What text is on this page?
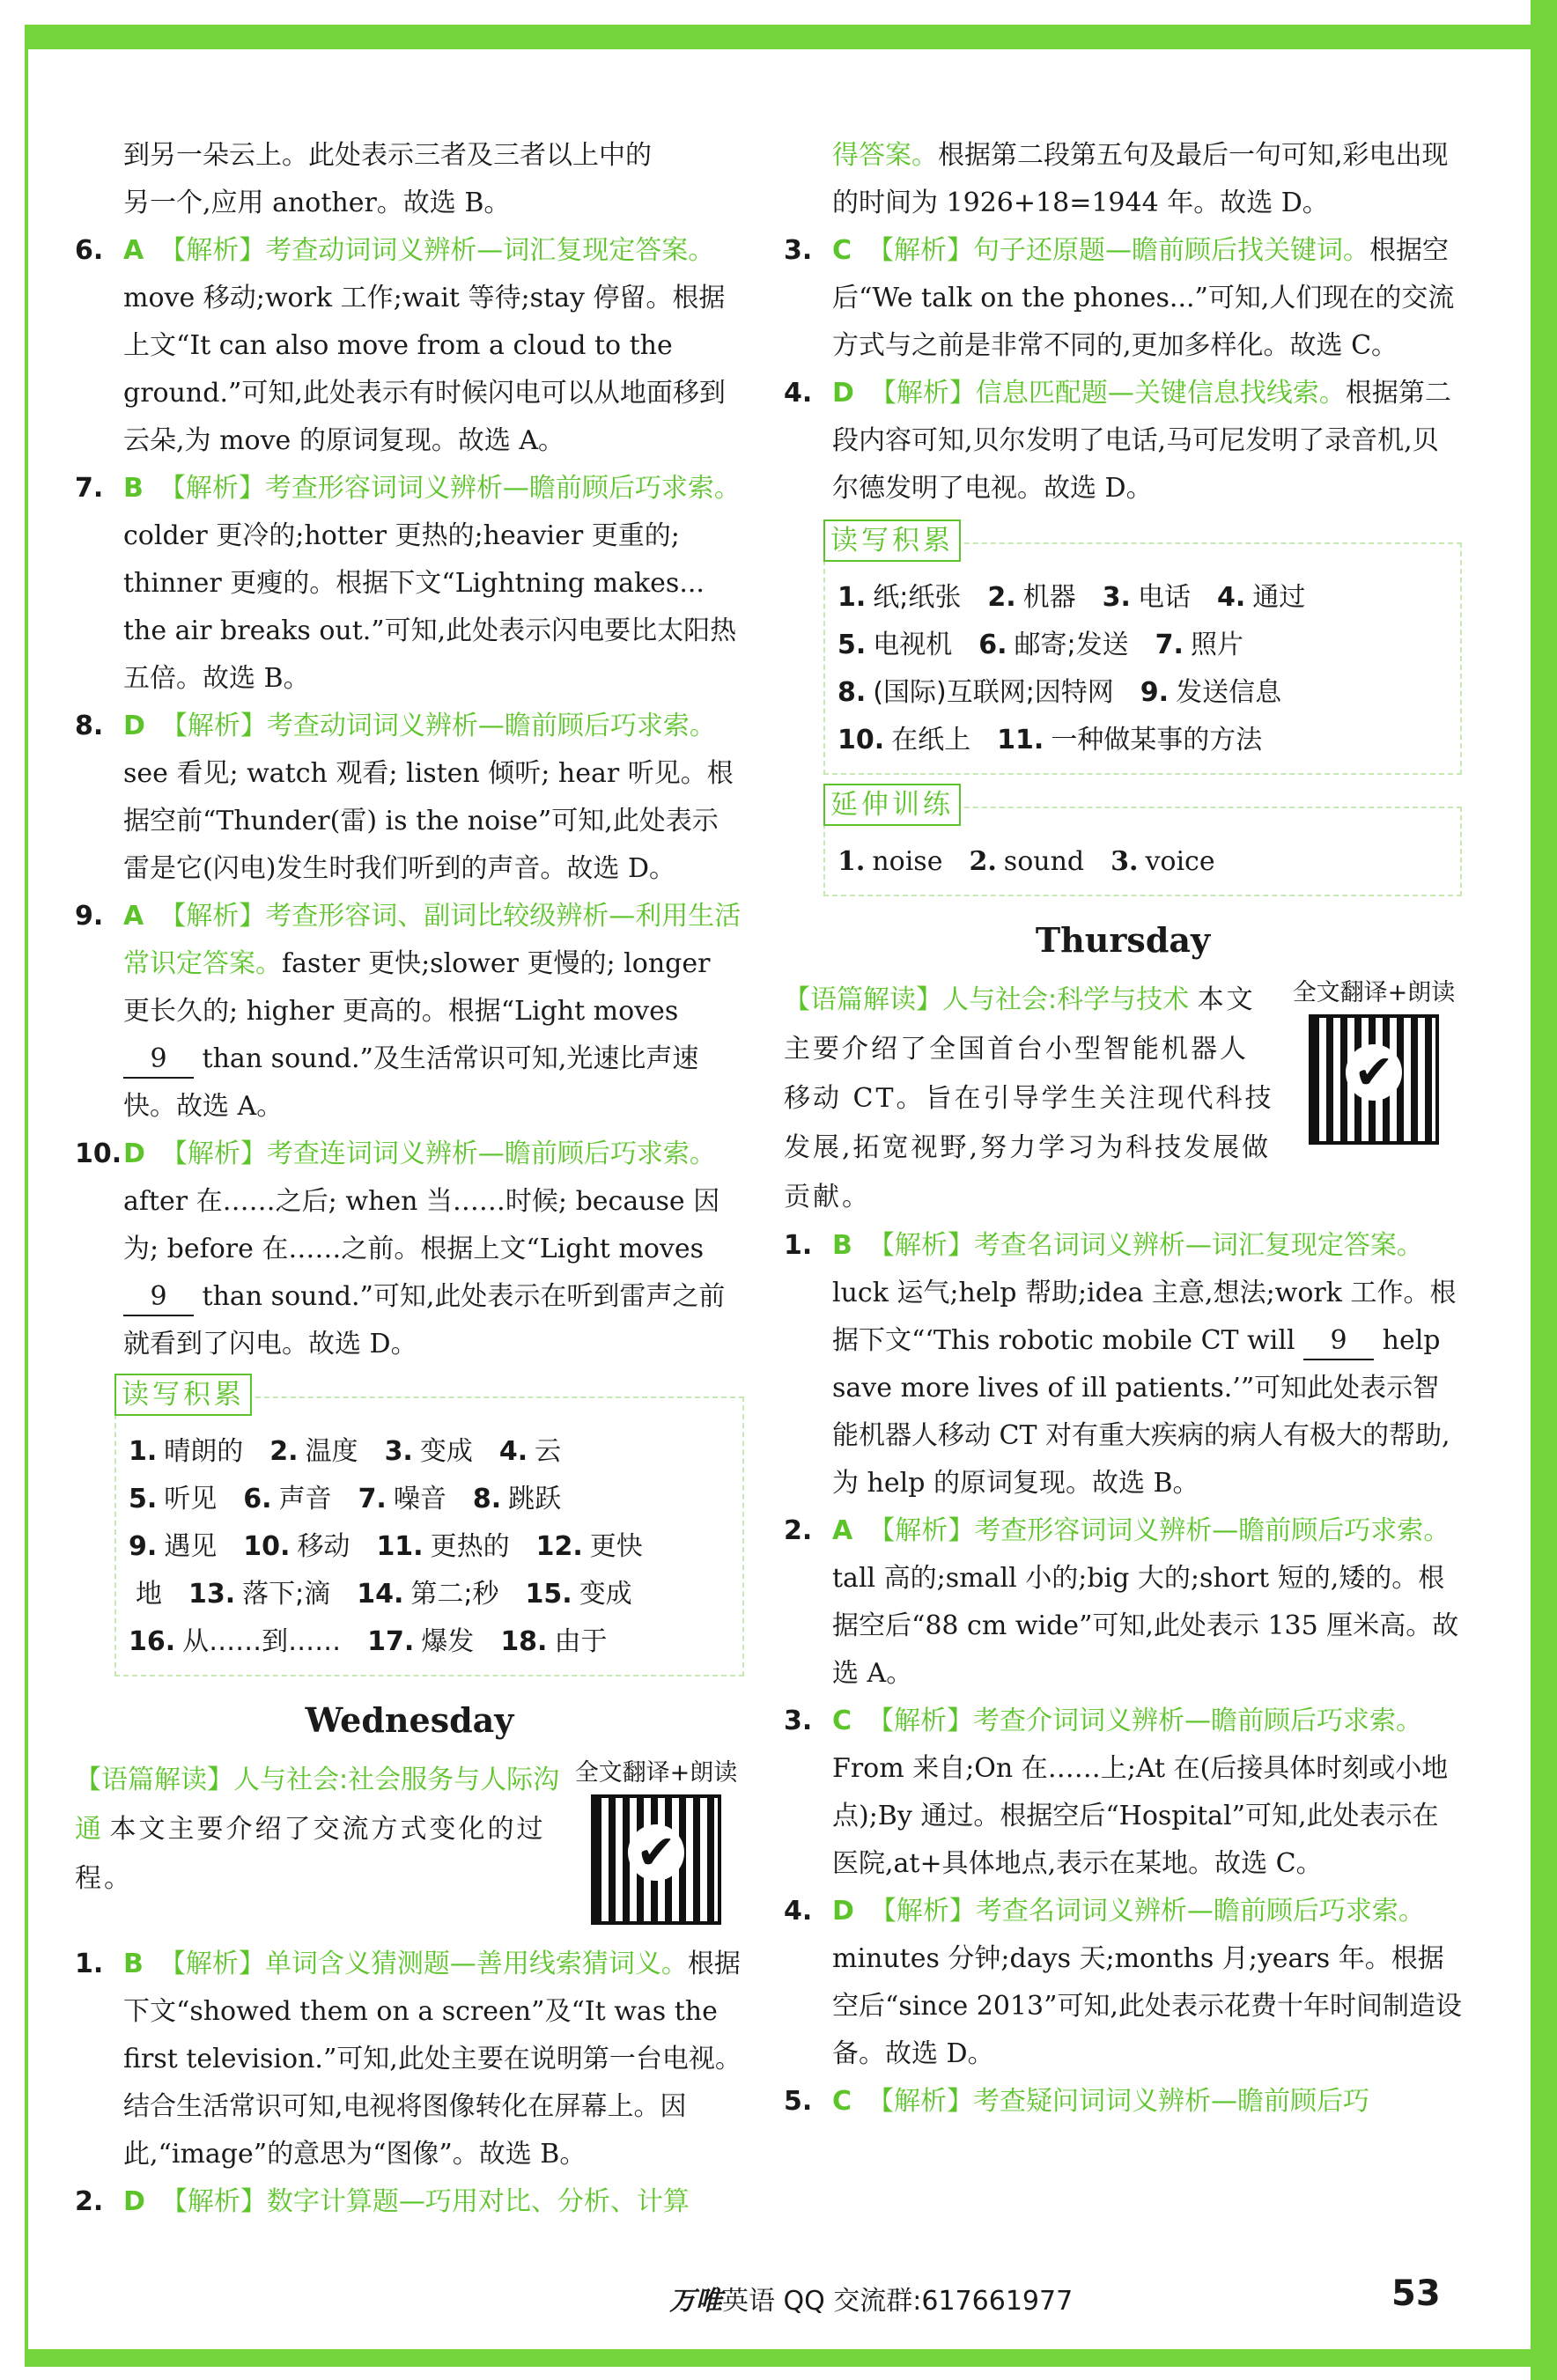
到另一朵云上。此处表示三者及三者以上中的
另一个,应用 another。故选 B。

6. A 【解析】考查动词词义辨析—词汇复现定答案。move 移动;work 工作;wait 等待;stay 停留。根据上文“It can also move from a cloud to the ground.”可知,此处表示有时候闪电可以从地面移到云朵,为 move 的原词复现。故选 A。

7. B 【解析】考查形容词词义辨析—瞻前顾后巧求索。colder 更冷的;hotter 更热的;heavier 更重的; thinner 更瘦的。根据下文“Lightning makes... the air breaks out.”可知,此处表示闪电要比太阳热五倍。故选 B。

8. D 【解析】考查动词词义辨析—瞻前顾后巧求索。see 看见; watch 观看; listen 倾听; hear 听见。根据空前“Thunder(雷) is the noise”可知,此处表示雷是它(闪电)发生时我们听到的声音。故选 D。

9. A 【解析】考查形容词、副词比较级辨析—利用生活常识定答案。faster 更快;slower 更慢的; longer 更长久的; higher 更高的。根据“Light moves 9 than sound.”及生活常识可知,光速比声速快。故选 A。

10. D 【解析】考查连词词义辨析—瞻前顾后巧求索。after 在……之后; when 当……时候; because 因为; before 在……之前。根据上文“Light moves 9 than sound.”可知,此处表示在听到雷声之前就看到了闪电。故选 D。

读写积累

1. 晴朗的 2. 温度 3. 变成 4. 云

5. 听见 6. 声音 7. 噪音 8. 跳跃

9. 遇见 10. 移动 11. 更热的 12. 更快

地 13. 落下;滴 14. 第二;秒 15. 变成

16. 从……到…… 17. 爆发 18. 由于

Wednesday
【语篇解读】人与社会:社会服务与人际沟通 本文主要介绍了交流方式变化的过程。
全文翻译+朗读
✔

1. B 【解析】单词含义猜测题—善用线索猜词义。根据下文“showed them on a screen”及“It was the first television.”可知,此处主要在说明第一台电视。结合生活常识可知,电视将图像转化在屏幕上。因此,“image”的意思为“图像”。故选 B。

2. D 【解析】数字计算题—巧用对比、分析、计算

得答案。根据第二段第五句及最后一句可知,彩电出现的时间为 1926+18=1944 年。故选 D。

3. C 【解析】句子还原题—瞻前顾后找关键词。根据空后“We talk on the phones...”可知,人们现在的交流方式与之前是非常不同的,更加多样化。故选 C。

4. D 【解析】信息匹配题—关键信息找线索。根据第二段内容可知,贝尔发明了电话,马可尼发明了录音机,贝尔德发明了电视。故选 D。

读写积累

1. 纸;纸张 2. 机器 3. 电话 4. 通过

5. 电视机 6. 邮寄;发送 7. 照片

8. (国际)互联网;因特网 9. 发送信息

10. 在纸上 11. 一种做某事的方法

延伸训练
1. noise 2. sound 3. voice
Thursday
【语篇解读】人与社会:科学与技术 本文主要介绍了全国首台小型智能机器人移动 CT。旨在引导学生关注现代科技发展,拓宽视野,努力学习为科技发展做贡献。
全文翻译+朗读
✔

1. B 【解析】考查名词词义辨析—词汇复现定答案。luck 运气;help 帮助;idea 主意,想法;work 工作。根据下文“‘This robotic mobile CT will 9 help save more lives of ill patients.’”可知此处表示智能机器人移动 CT 对有重大疾病的病人有极大的帮助,为 help 的原词复现。故选 B。

2. A 【解析】考查形容词词义辨析—瞻前顾后巧求索。tall 高的;small 小的;big 大的;short 短的,矮的。根据空后“88 cm wide”可知,此处表示 135 厘米高。故选 A。

3. C 【解析】考查介词词义辨析—瞻前顾后巧求索。From 来自;On 在……上;At 在(后接具体时刻或小地点);By 通过。根据空后“Hospital”可知,此处表示在医院,at+具体地点,表示在某地。故选 C。

4. D 【解析】考查名词词义辨析—瞻前顾后巧求索。minutes 分钟;days 天;months 月;years 年。根据空后“since 2013”可知,此处表示花费十年时间制造设备。故选 D。

5. C 【解析】考查疑问词词义辨析—瞻前顾后巧

万唯英语 QQ 交流群:617661977	53
